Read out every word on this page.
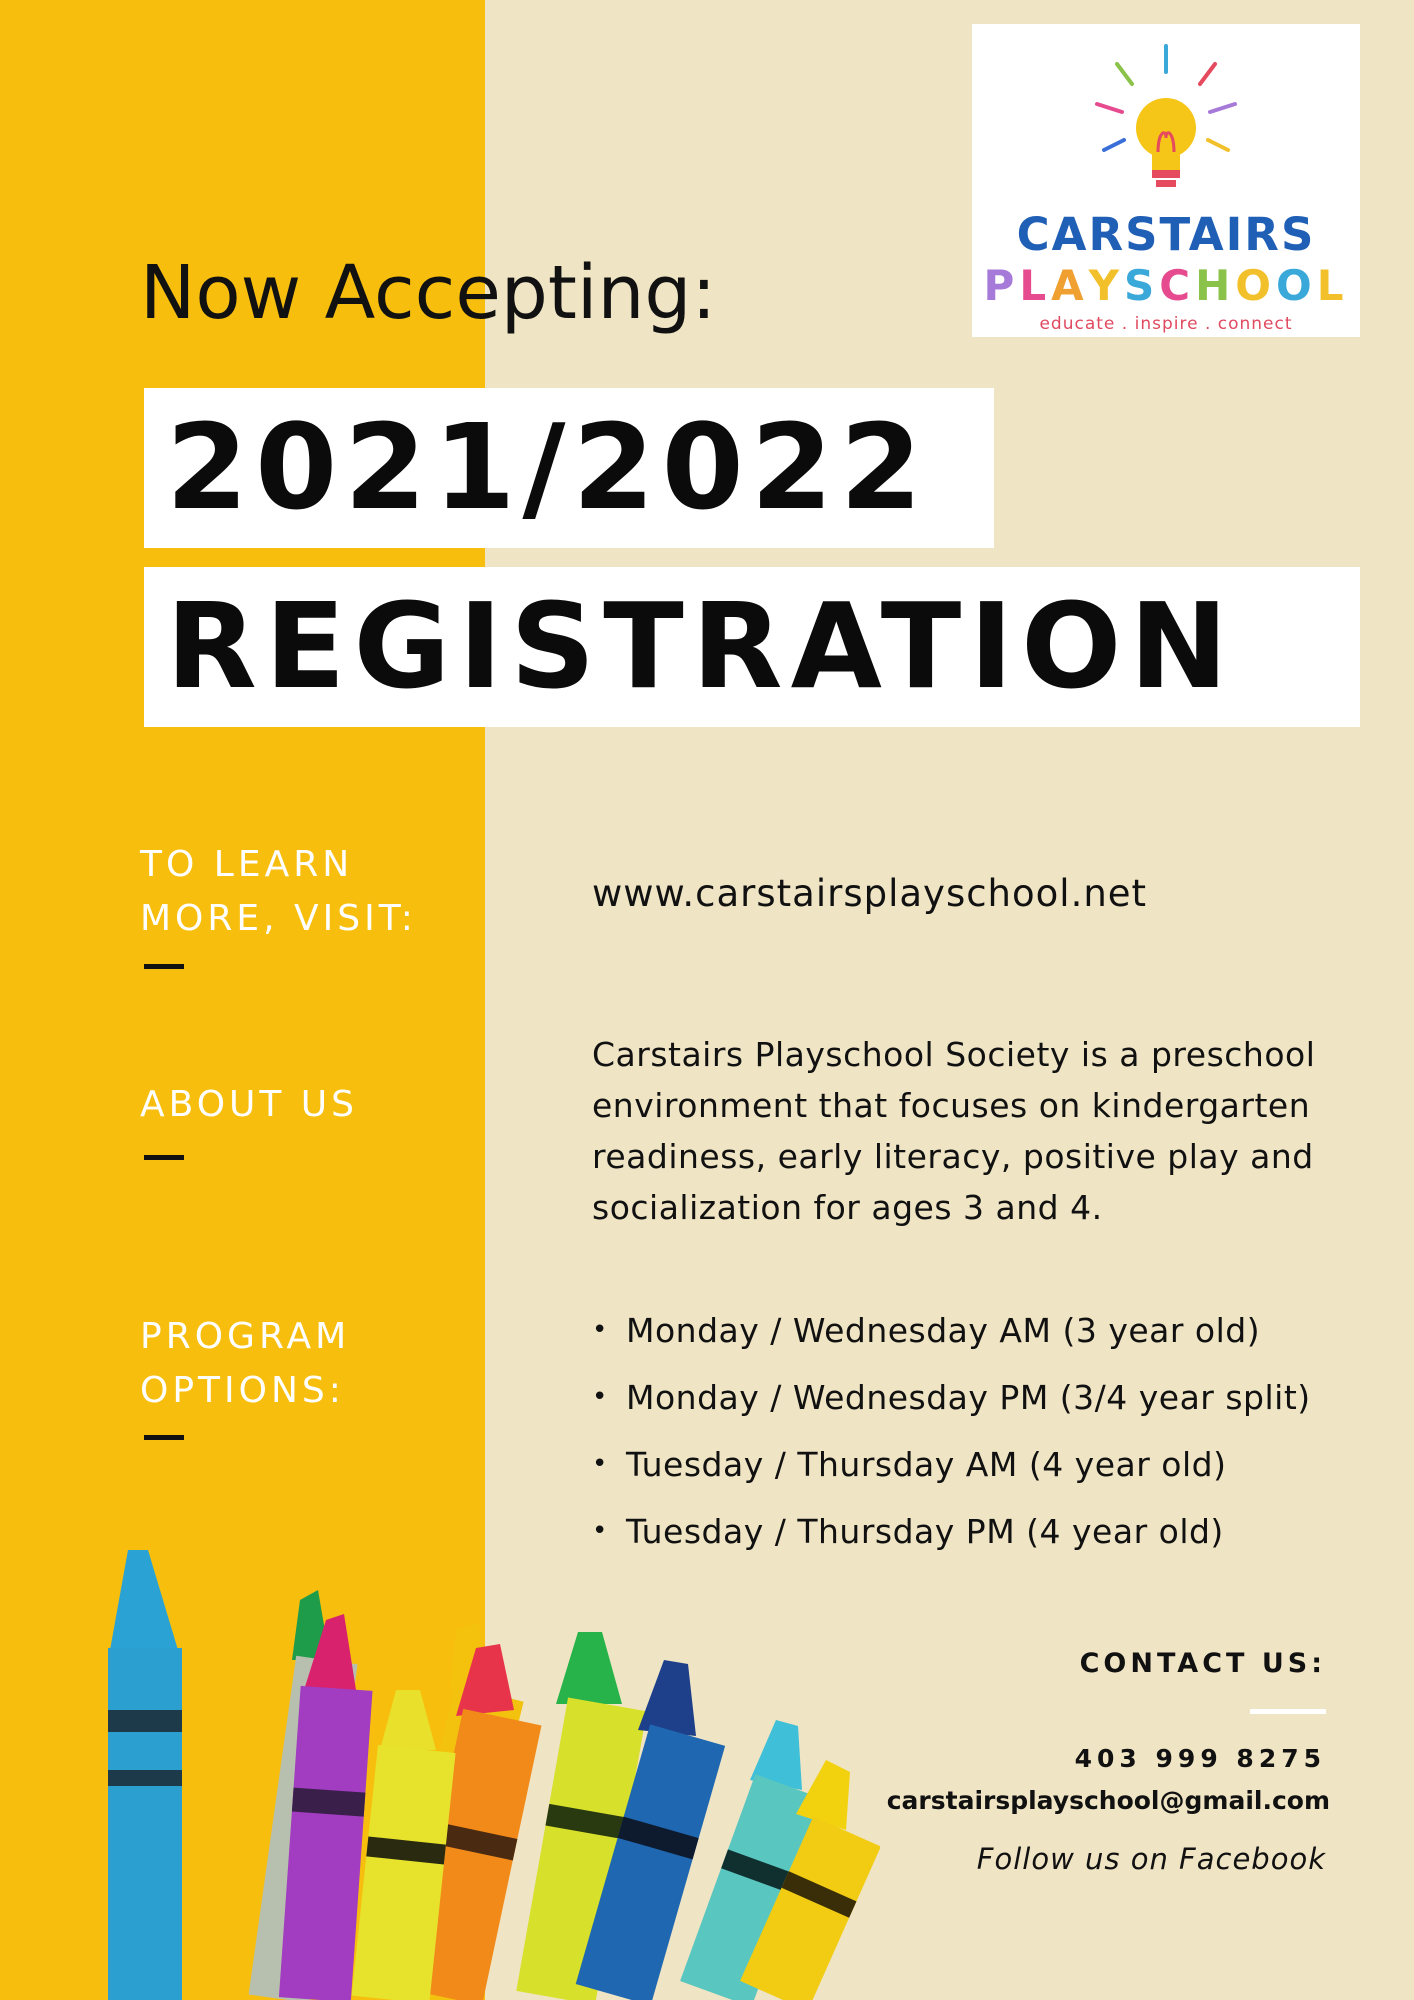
CARSTAIRS
PLAYSCHOOL
educate . inspire . connect
Now Accepting:
2021/2022
REGISTRATION
TO LEARN
MORE, VISIT:
www.carstairsplayschool.net
ABOUT US
Carstairs Playschool Society is a preschool environment that focuses on kindergarten readiness, early literacy, positive play and socialization for ages 3 and 4.
PROGRAM
OPTIONS:
• Monday / Wednesday AM (3 year old)
• Monday / Wednesday PM (3/4 year split)
• Tuesday / Thursday AM (4 year old)
• Tuesday / Thursday PM (4 year old)
CONTACT US:
403 999 8275
carstairsplayschool@gmail.com
Follow us on Facebook
